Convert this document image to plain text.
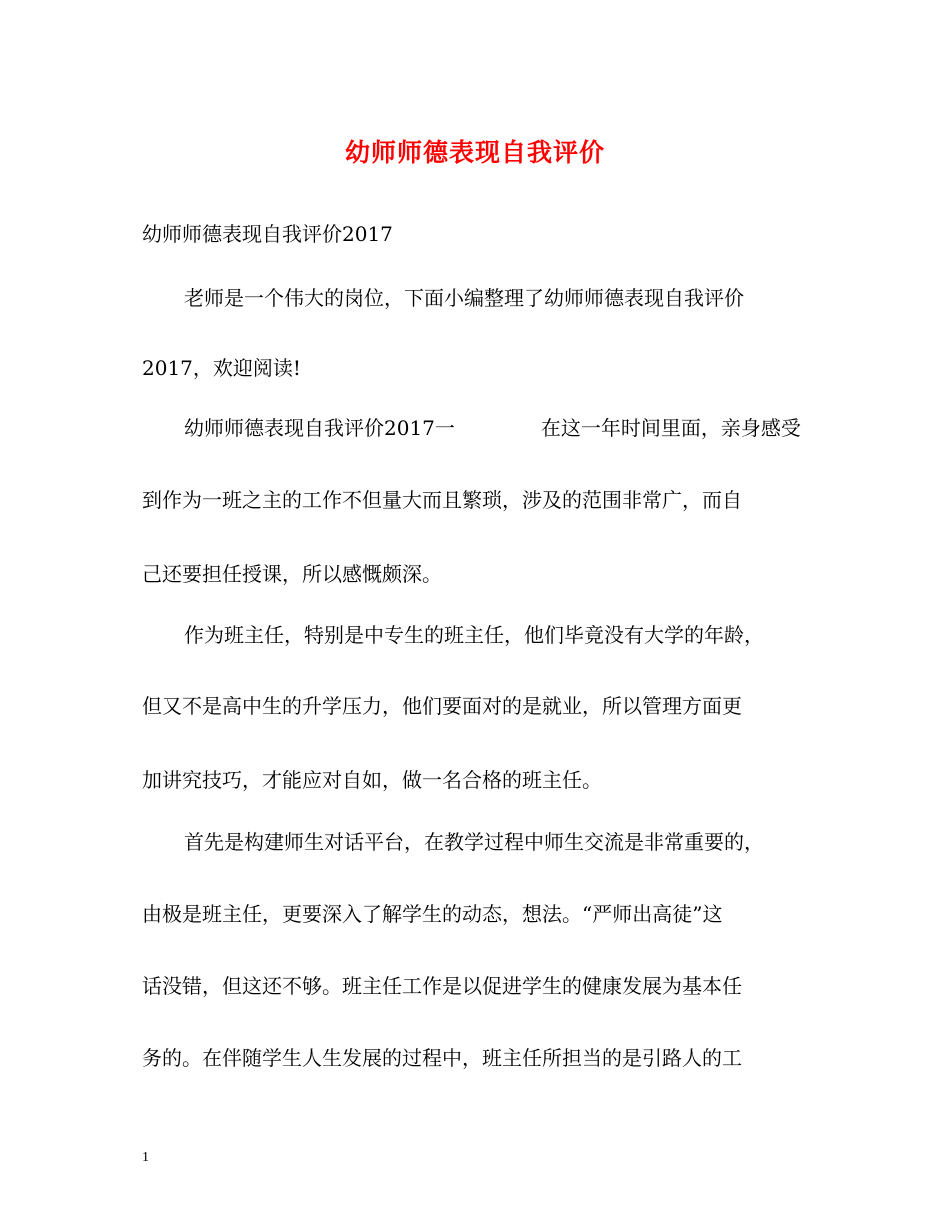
幼师师德表现自我评价
幼师师德表现自我评价2017
老师是一个伟大的岗位，下面小编整理了幼师师德表现自我评价
2017，欢迎阅读!
幼师师德表现自我评价2017一	在这一年时间里面，亲身感受
到作为一班之主的工作不但量大而且繁琐，涉及的范围非常广，而自
己还要担任授课，所以感慨颇深。
作为班主任，特别是中专生的班主任，他们毕竟没有大学的年龄，
但又不是高中生的升学压力，他们要面对的是就业，所以管理方面更
加讲究技巧，才能应对自如，做一名合格的班主任。
首先是构建师生对话平台，在教学过程中师生交流是非常重要的，
由极是班主任，更要深入了解学生的动态，想法。“严师出高徒”这
话没错，但这还不够。班主任工作是以促进学生的健康发展为基本任
务的。在伴随学生人生发展的过程中，班主任所担当的是引路人的工
1
